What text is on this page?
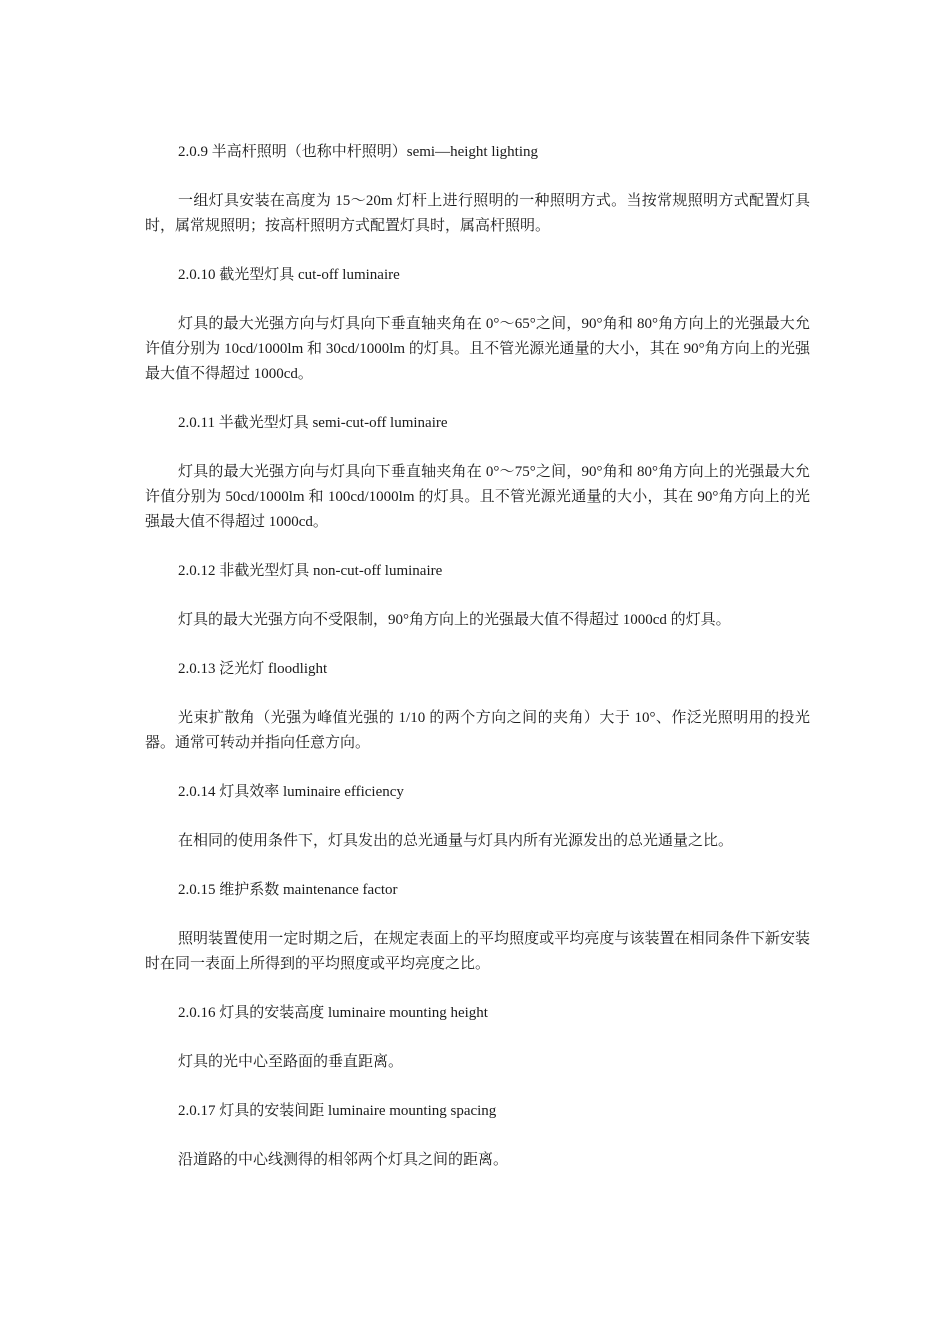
2.0.9 半高杆照明（也称中杆照明）semi—height lighting
一组灯具安装在高度为 15～20m 灯杆上进行照明的一种照明方式。当按常规照明方式配置灯具时，属常规照明；按高杆照明方式配置灯具时，属高杆照明。
2.0.10 截光型灯具 cut-off luminaire
灯具的最大光强方向与灯具向下垂直轴夹角在 0°～65°之间，90°角和 80°角方向上的光强最大允许值分别为 10cd/1000lm 和 30cd/1000lm 的灯具。且不管光源光通量的大小，其在 90°角方向上的光强最大值不得超过 1000cd。
2.0.11 半截光型灯具 semi-cut-off luminaire
灯具的最大光强方向与灯具向下垂直轴夹角在 0°～75°之间，90°角和 80°角方向上的光强最大允许值分别为 50cd/1000lm 和 100cd/1000lm 的灯具。且不管光源光通量的大小，其在 90°角方向上的光强最大值不得超过 1000cd。
2.0.12 非截光型灯具 non-cut-off luminaire
灯具的最大光强方向不受限制，90°角方向上的光强最大值不得超过 1000cd 的灯具。
2.0.13 泛光灯 floodlight
光束扩散角（光强为峰值光强的 1/10 的两个方向之间的夹角）大于 10°、作泛光照明用的投光器。通常可转动并指向任意方向。
2.0.14 灯具效率 luminaire efficiency
在相同的使用条件下，灯具发出的总光通量与灯具内所有光源发出的总光通量之比。
2.0.15 维护系数 maintenance factor
照明装置使用一定时期之后，在规定表面上的平均照度或平均亮度与该装置在相同条件下新安装时在同一表面上所得到的平均照度或平均亮度之比。
2.0.16 灯具的安装高度 luminaire mounting height
灯具的光中心至路面的垂直距离。
2.0.17 灯具的安装间距 luminaire mounting spacing
沿道路的中心线测得的相邻两个灯具之间的距离。
